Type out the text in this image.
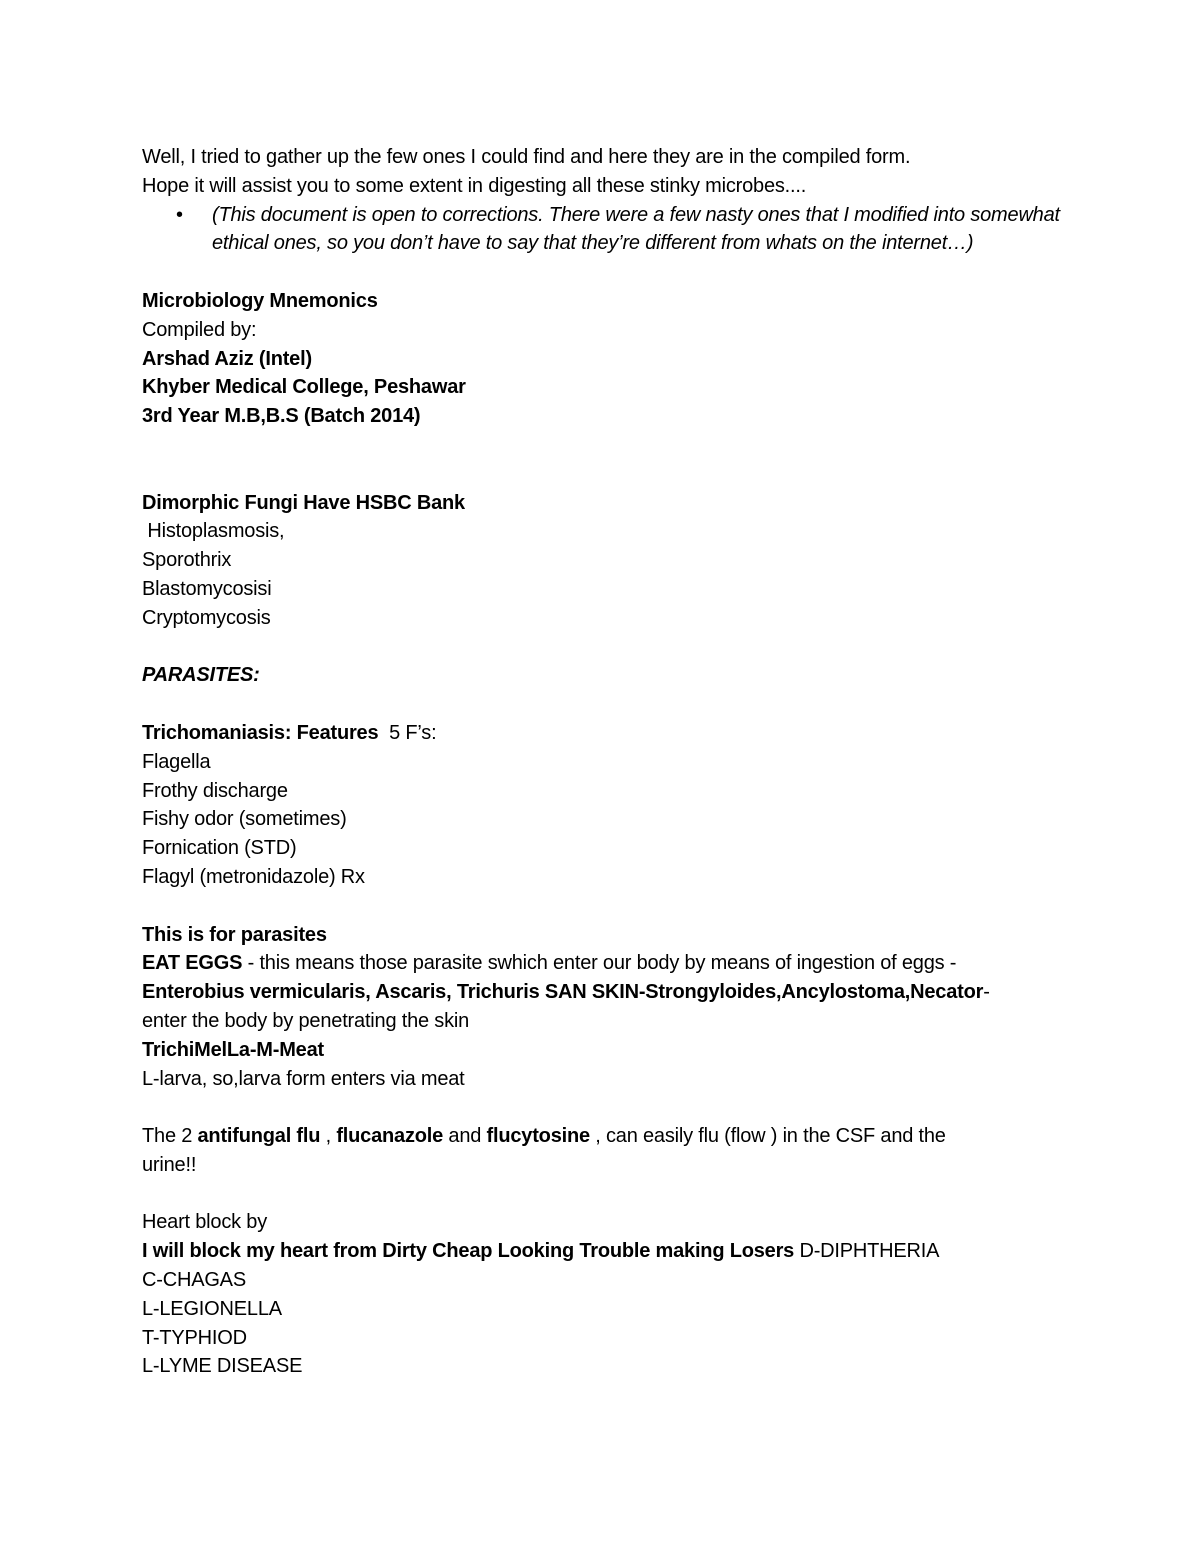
Well, I tried to gather up the few ones I could find and here they are in the compiled form.
Hope it will assist you to some extent in digesting all these stinky microbes....
• (This document is open to corrections. There were a few nasty ones that I modified into somewhat ethical ones, so you don’t have to say that they’re different from whats on the internet…)
Microbiology Mnemonics
Compiled by:
Arshad Aziz (Intel)
Khyber Medical College, Peshawar
3rd Year M.B,B.S (Batch 2014)
Dimorphic Fungi Have HSBC Bank
Histoplasmosis,
Sporothrix
Blastomycosisi
Cryptomycosis
PARASITES:
Trichomaniasis: Features  5 F’s:
Flagella
Frothy discharge
Fishy odor (sometimes)
Fornication (STD)
Flagyl (metronidazole) Rx
This is for parasites
EAT EGGS - this means those parasite swhich enter our body by means of ingestion of eggs -
Enterobius vermicularis, Ascaris, Trichuris SAN SKIN-Strongyloides,Ancylostoma,Necator-
enter the body by penetrating the skin
TrichiMelLa-M-Meat
L-larva, so,larva form enters via meat
The 2 antifungal flu , flucanazole and flucytosine , can easily flu (flow ) in the CSF and the
urine!!
Heart block by
I will block my heart from Dirty Cheap Looking Trouble making Losers D-DIPHTHERIA
C-CHAGAS
L-LEGIONELLA
T-TYPHIOD
L-LYME DISEASE
